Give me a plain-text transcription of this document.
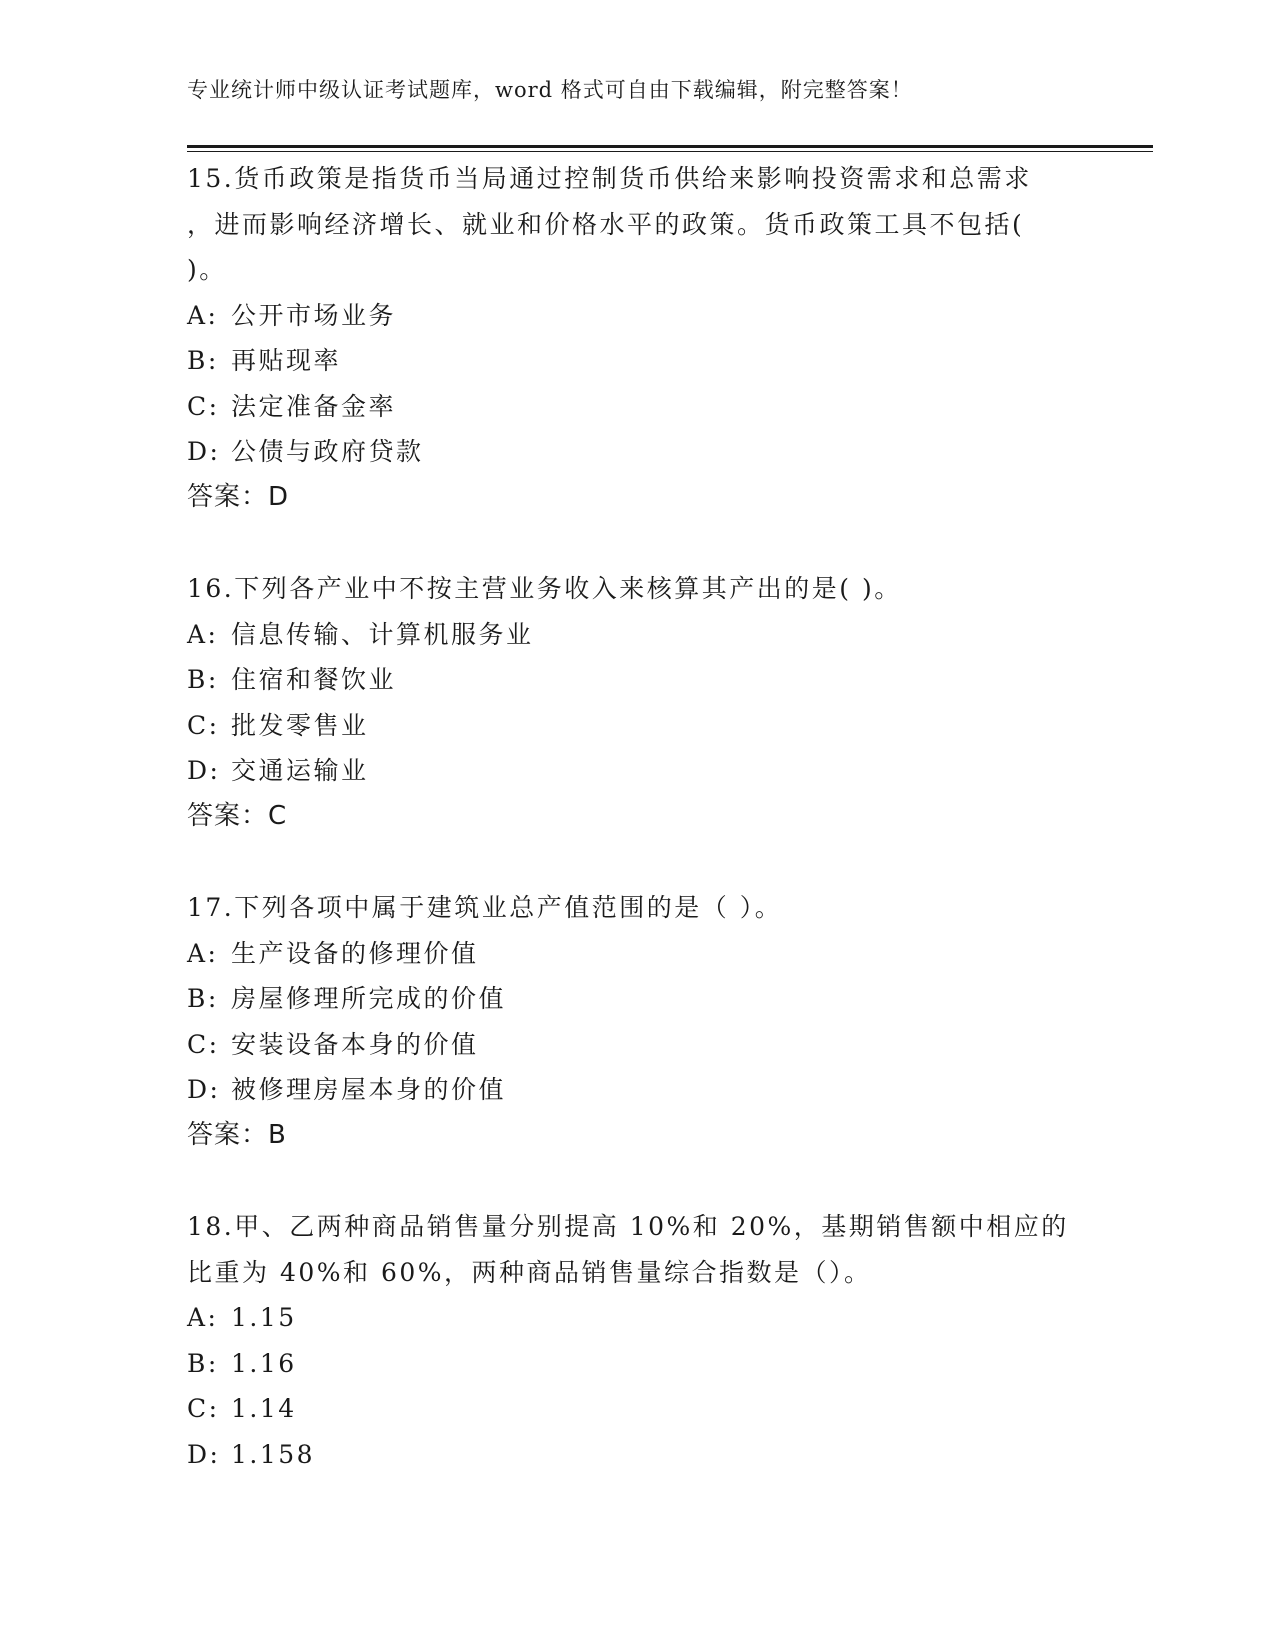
专业统计师中级认证考试题库，word 格式可自由下载编辑，附完整答案！
15.货币政策是指货币当局通过控制货币供给来影响投资需求和总需求
，进而影响经济增长、就业和价格水平的政策。货币政策工具不包括(
)。
A: 公开市场业务
B: 再贴现率
C: 法定准备金率
D: 公债与政府贷款
答案：D
16.下列各产业中不按主营业务收入来核算其产出的是( )。
A: 信息传输、计算机服务业
B: 住宿和餐饮业
C: 批发零售业
D: 交通运输业
答案：C
17.下列各项中属于建筑业总产值范围的是（ ）。
A: 生产设备的修理价值
B: 房屋修理所完成的价值
C: 安装设备本身的价值
D: 被修理房屋本身的价值
答案：B
18.甲、乙两种商品销售量分别提高 10%和 20%，基期销售额中相应的
比重为 40%和 60%，两种商品销售量综合指数是（）。
A: 1.15
B: 1.16
C: 1.14
D: 1.158
